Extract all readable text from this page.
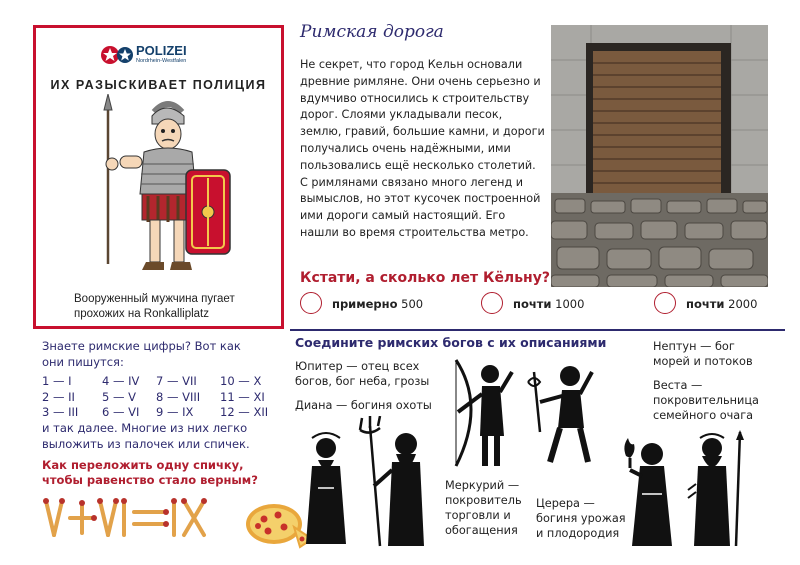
POLIZEI
Nordrhein-Westfalen
ИХ РАЗЫСКИВАЕТ ПОЛИЦИЯ
Вооруженный мужчина пугает прохожих на Ronkalliplatz
Римская дорога
Не секрет, что город Кельн основали древние римляне. Они очень серьезно и вдумчиво относились к строительству дорог. Слоями укладывали песок, землю, гравий, большие камни, и дороги получались очень надёжными, ими пользовались ещё несколько столетий. С римлянами связано много легенд и вымыслов, но этот кусочек построенной ими дороги самый настоящий. Его нашли во время строительства метро.
Кстати, а сколько лет Кёльну?
примерно 500	почти 1000	почти 2000
Знаете римские цифры? Вот как они пишутся:
1 — I
2 — II
3 — III
4 — IV
5 — V
6 — VI
7 — VII
8 — VIII
9 — IX
10 — X
11 — XI
12 — XII
и так далее. Многие из них легко выложить из палочек или спичек.
Как переложить одну спичку, чтобы равенство стало верным?
Соедините римских богов с их описаниями
Юпитер — отец всех богов, бог неба, грозы
Диана — богиня охоты
Меркурий — покровитель торговли и обогащения
Церера — богиня урожая и плодородия
Нептун — бог морей и потоков
Веста — покровительница семейного очага
